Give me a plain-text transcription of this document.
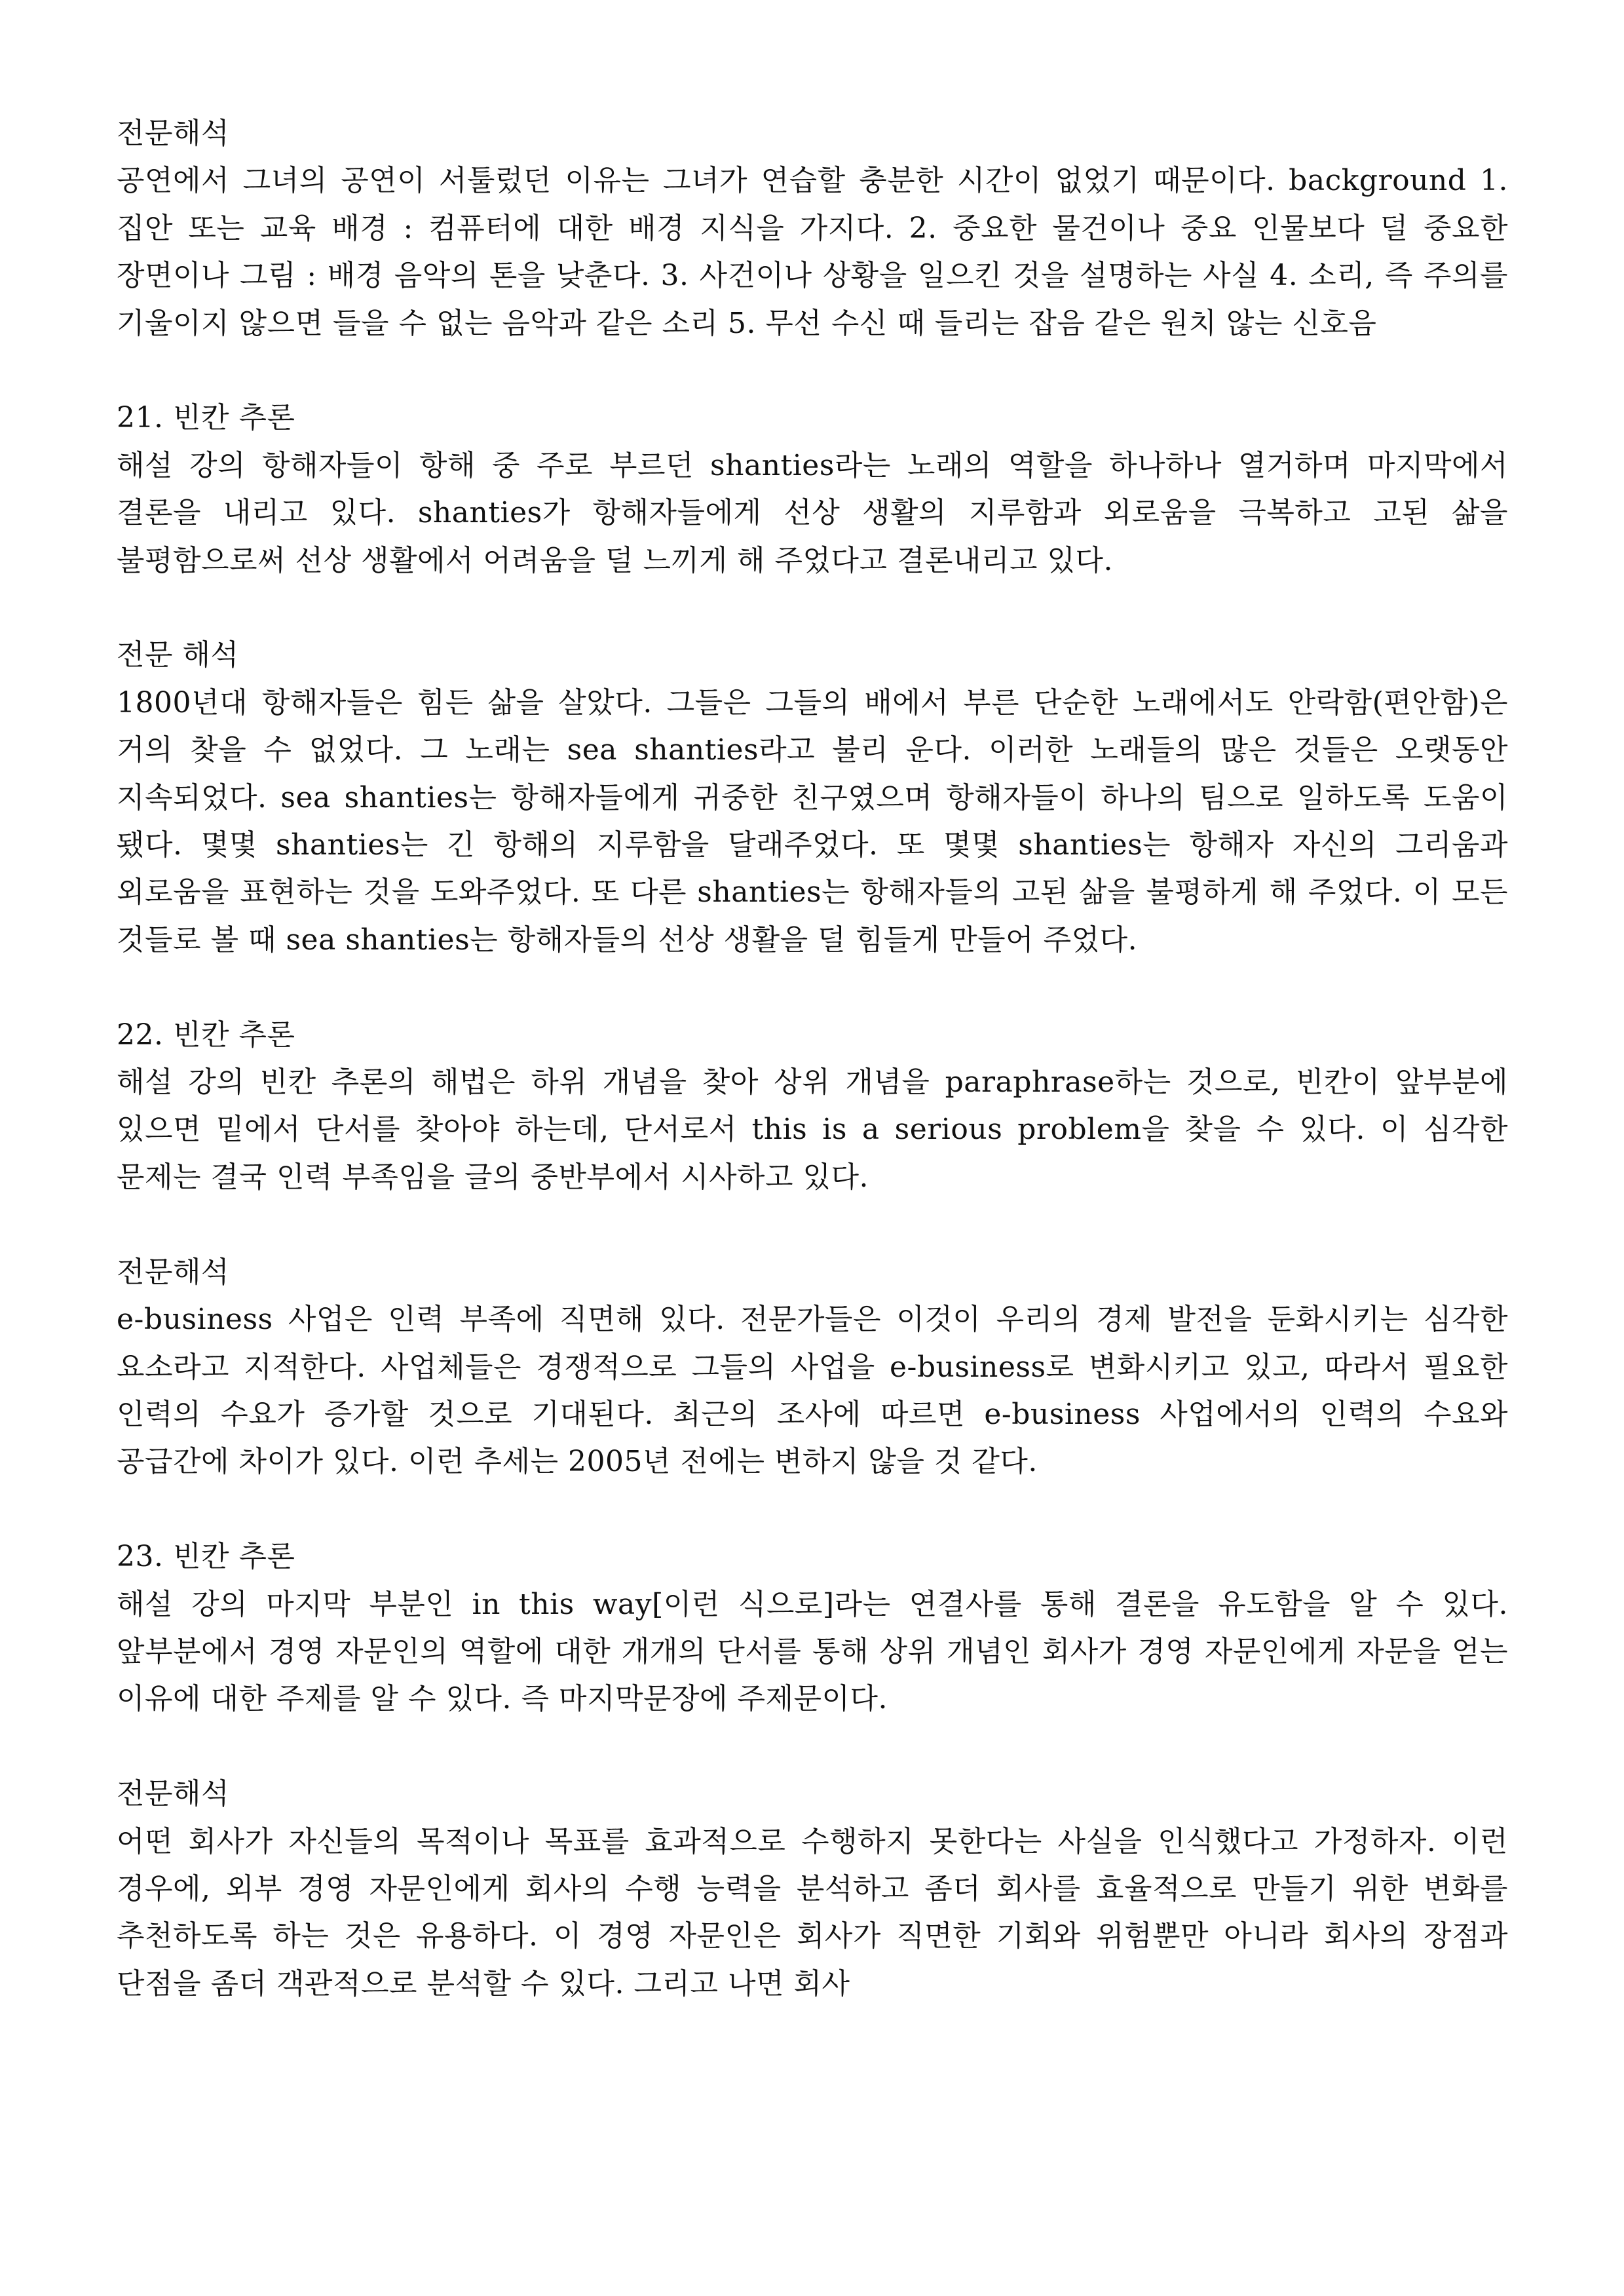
전문해석

공연에서 그녀의 공연이 서툴렀던 이유는 그녀가 연습할 충분한 시간이 없었기 때문이다. background 1. 집안 또는 교육 배경 : 컴퓨터에 대한 배경 지식을 가지다. 2. 중요한 물건이나 중요 인물보다 덜 중요한 장면이나 그림 : 배경 음악의 톤을 낮춘다. 3. 사건이나 상황을 일으킨 것을 설명하는 사실 4. 소리, 즉 주의를 기울이지 않으면 들을 수 없는 음악과 같은 소리 5. 무선 수신 때 들리는 잡음 같은 원치 않는 신호음

21. 빈칸 추론

해설 강의 항해자들이 항해 중 주로 부르던 shanties라는 노래의 역할을 하나하나 열거하며 마지막에서 결론을 내리고 있다. shanties가 항해자들에게 선상 생활의 지루함과 외로움을 극복하고 고된 삶을 불평함으로써 선상 생활에서 어려움을 덜 느끼게 해 주었다고 결론내리고 있다.

전문 해석

1800년대 항해자들은 힘든 삶을 살았다. 그들은 그들의 배에서 부른 단순한 노래에서도 안락함(편안함)은 거의 찾을 수 없었다. 그 노래는 sea shanties라고 불리 운다. 이러한 노래들의 많은 것들은 오랫동안 지속되었다. sea shanties는 항해자들에게 귀중한 친구였으며 항해자들이 하나의 팀으로 일하도록 도움이 됐다. 몇몇 shanties는 긴 항해의 지루함을 달래주었다. 또 몇몇 shanties는 항해자 자신의 그리움과 외로움을 표현하는 것을 도와주었다. 또 다른 shanties는 항해자들의 고된 삶을 불평하게 해 주었다. 이 모든 것들로 볼 때 sea shanties는 항해자들의 선상 생활을 덜 힘들게 만들어 주었다.

22. 빈칸 추론

해설 강의 빈칸 추론의 해법은 하위 개념을 찾아 상위 개념을 paraphrase하는 것으로, 빈칸이 앞부분에 있으면 밑에서 단서를 찾아야 하는데, 단서로서 this is a serious problem을 찾을 수 있다. 이 심각한 문제는 결국 인력 부족임을 글의 중반부에서 시사하고 있다.

전문해석

e-business 사업은 인력 부족에 직면해 있다. 전문가들은 이것이 우리의 경제 발전을 둔화시키는 심각한 요소라고 지적한다. 사업체들은 경쟁적으로 그들의 사업을 e-business로 변화시키고 있고, 따라서 필요한 인력의 수요가 증가할 것으로 기대된다. 최근의 조사에 따르면 e-business 사업에서의 인력의 수요와 공급간에 차이가 있다. 이런 추세는 2005년 전에는 변하지 않을 것 같다.

23. 빈칸 추론

해설 강의 마지막 부분인 in this way[이런 식으로]라는 연결사를 통해 결론을 유도함을 알 수 있다. 앞부분에서 경영 자문인의 역할에 대한 개개의 단서를 통해 상위 개념인 회사가 경영 자문인에게 자문을 얻는 이유에 대한 주제를 알 수 있다. 즉 마지막문장에 주제문이다.

전문해석

어떤 회사가 자신들의 목적이나 목표를 효과적으로 수행하지 못한다는 사실을 인식했다고 가정하자. 이런 경우에, 외부 경영 자문인에게 회사의 수행 능력을 분석하고 좀더 회사를 효율적으로 만들기 위한 변화를 추천하도록 하는 것은 유용하다. 이 경영 자문인은 회사가 직면한 기회와 위험뿐만 아니라 회사의 장점과 단점을 좀더 객관적으로 분석할 수 있다. 그리고 나면 회사
